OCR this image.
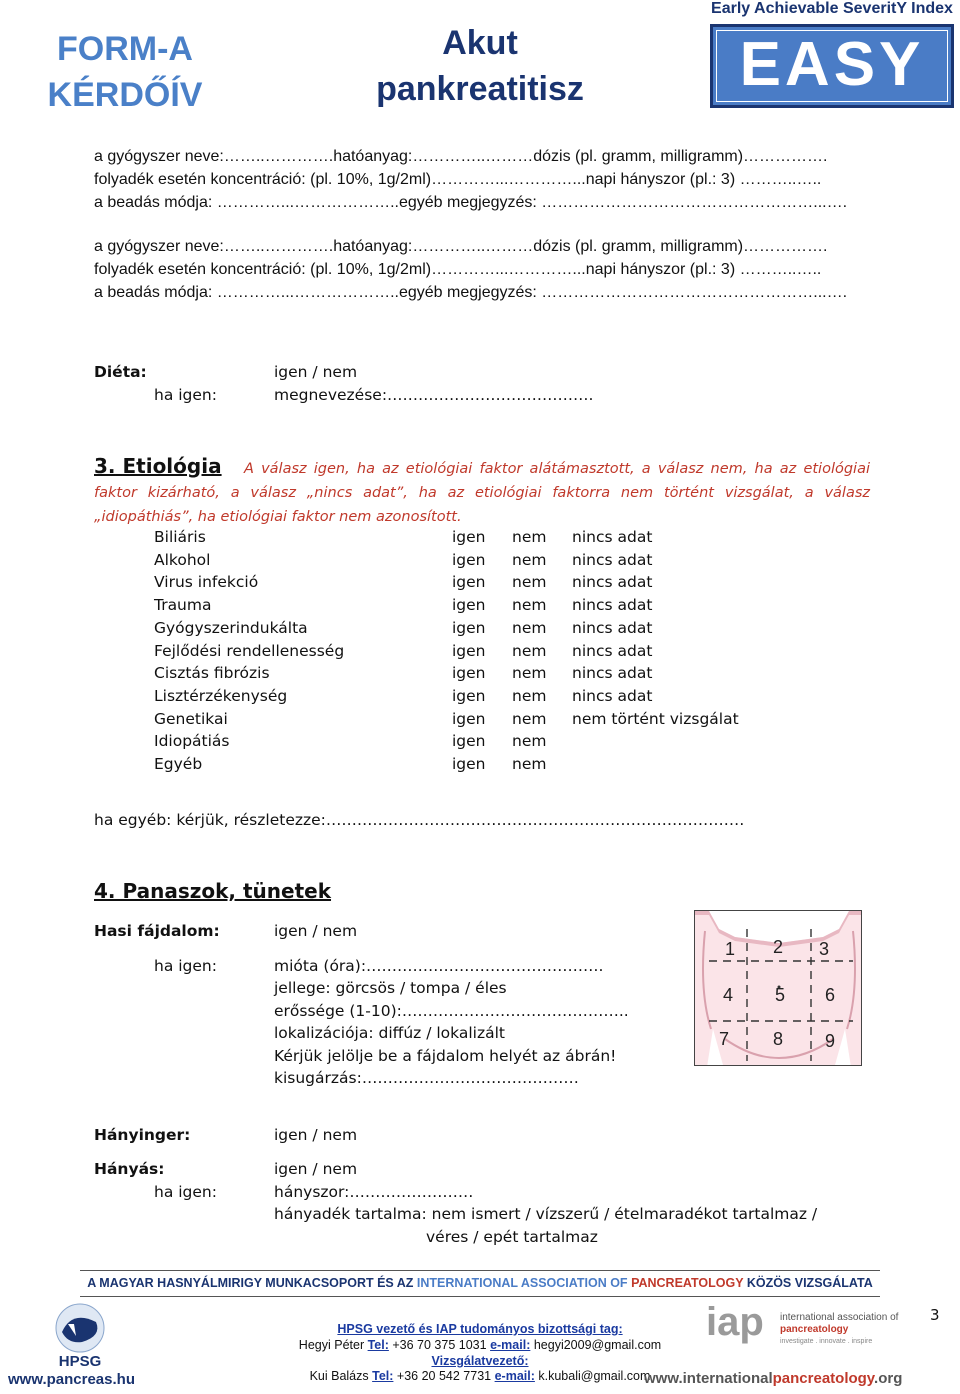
FORM-A
KÉRDŐÍV
Akut
pankreatitisz
Early Achievable SeveritY Index
EASY
a gyógyszer neve:……..………….hatóanyag:…………..………dózis (pl. gramm, milligramm)…………….
folyadék esetén koncentráció: (pl. 10%, 1g/2ml)…………...…………...napi hányszor (pl.: 3) ………..…..
a beadás módja: …………...………………..egyéb megjegyzés: ……………………………………………...….
a gyógyszer neve:……..………….hatóanyag:…………..………dózis (pl. gramm, milligramm)…………….
folyadék esetén koncentráció: (pl. 10%, 1g/2ml)…………...…………...napi hányszor (pl.: 3) ………..…..
a beadás módja: …………...………………..egyéb megjegyzés: ……………………………………………...….
Diéta:	igen / nem
ha igen:	megnevezése:………………………………….
3. Etiológia A válasz igen, ha az etiológiai faktor alátámasztott, a válasz nem, ha az etiológiai faktor kizárható, a válasz „nincs adat”, ha az etiológiai faktorra nem történt vizsgálat, a válasz „idiopáthiás”, ha etiológiai faktor nem azonosított.
Biliáris	igen nem nincs adat
Alkohol	igen nem nincs adat
Virus infekció	igen nem nincs adat
Trauma	igen nem nincs adat
Gyógyszerindukálta	igen nem nincs adat
Fejlődési rendellenesség	igen nem nincs adat
Cisztás fibrózis	igen nem nincs adat
Lisztérzékenység	igen nem nincs adat
Genetikai	igen nem nem történt vizsgálat
Idiopátiás	igen nem
Egyéb	igen nem
ha egyéb: kérjük, részletezze:………………………………………………………………………
4. Panaszok, tünetek
Hasi fájdalom:	igen / nem
ha igen:	mióta (óra):……………………………………….
jellege: görcsös / tompa / éles
erőssége (1-10):……………………………………..
lokalizációja: diffúz / lokalizált
Kérjük jelölje be a fájdalom helyét az ábrán!
kisugárzás:……………………………………
1 2 3
4 5 6
7 8 9
Hányinger:	igen / nem
Hányás:	igen / nem
ha igen:	hányszor:……………………
hányadék tartalma: nem ismert / vízszerű / ételmaradékot tartalmaz /
véres / epét tartalmaz
A MAGYAR HASNYÁLMIRIGY MUNKACSOPORT ÉS AZ INTERNATIONAL ASSOCIATION OF PANCREATOLOGY KÖZÖS VIZSGÁLATA
HPSG vezető és IAP tudományos bizottsági tag:
Hegyi Péter Tel: +36 70 375 1031 e-mail: hegyi2009@gmail.com
Vizsgálatvezető:
Kui Balázs Tel: +36 20 542 7731 e-mail: k.kubali@gmail.com
3
HPSG
www.pancreas.hu
iap international association of
pancreatology
investigate . innovate . inspire
www.internationalpancreatology.org
